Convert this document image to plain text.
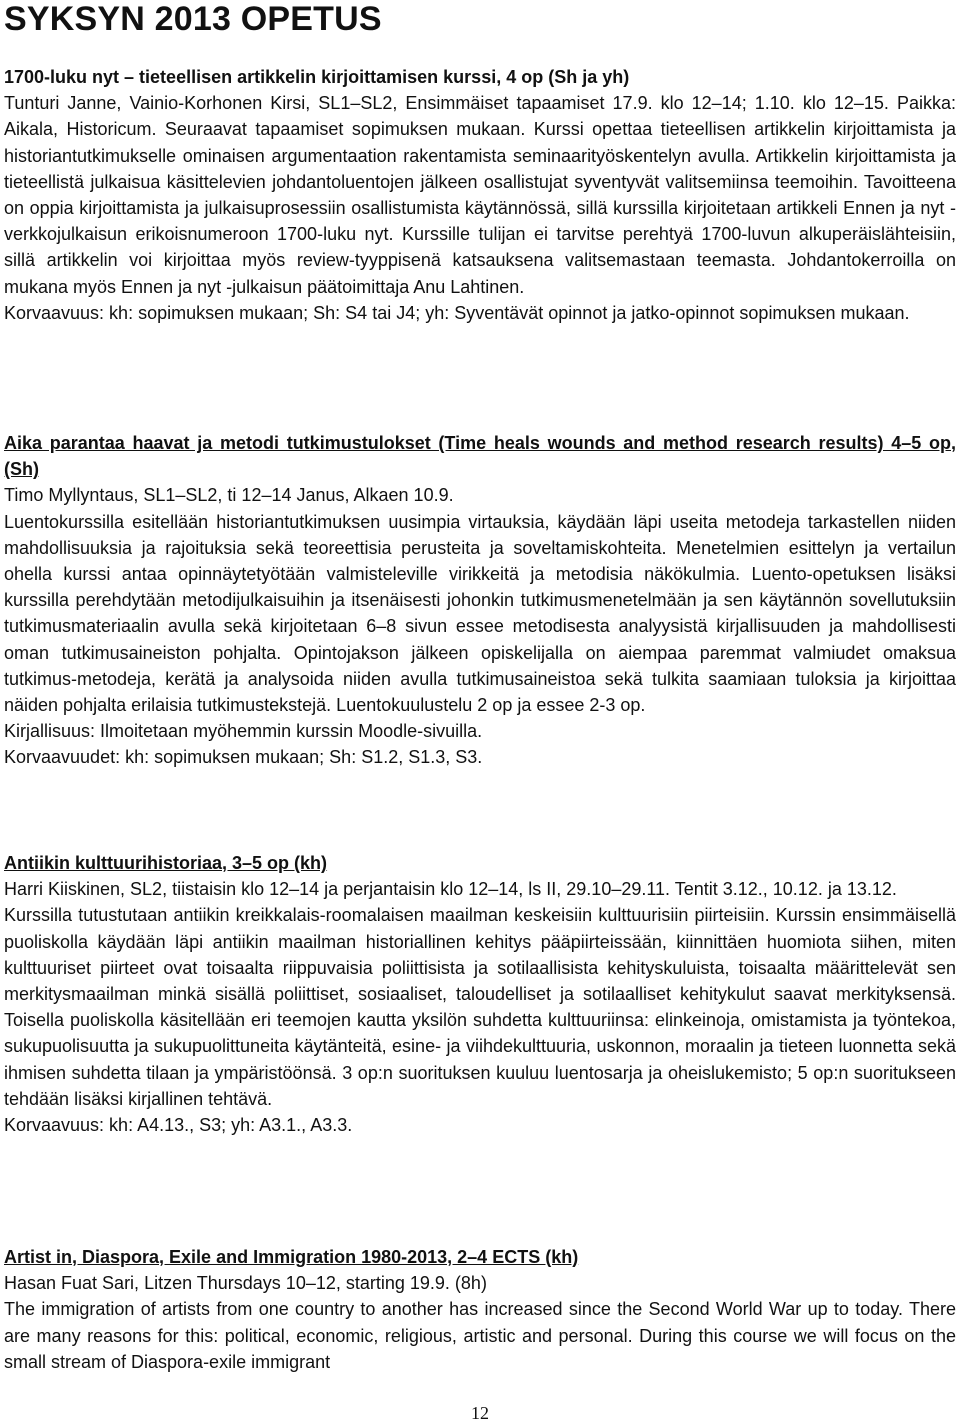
SYKSYN 2013 OPETUS

1700-luku nyt – tieteellisen artikkelin kirjoittamisen kurssi, 4 op (Sh ja yh)

Tunturi Janne, Vainio-Korhonen Kirsi, SL1–SL2, Ensimmäiset tapaamiset 17.9. klo 12–14; 1.10. klo 12–15. Paikka: Aikala, Historicum. Seuraavat tapaamiset sopimuksen mukaan. Kurssi opettaa tieteellisen artikkelin kirjoittamista ja historiantutkimukselle ominaisen argumentaation rakentamista seminaarityöskentelyn avulla. Artikkelin kirjoittamista ja tieteellistä julkaisua käsittelevien johdantoluentojen jälkeen osallistujat syventyvät valitsemiinsa teemoihin. Tavoitteena on oppia kirjoittamista ja julkaisuprosessiin osallistumista käytännössä, sillä kurssilla kirjoitetaan artikkeli Ennen ja nyt -verkkojulkaisun erikoisnumeroon 1700-luku nyt. Kurssille tulijan ei tarvitse perehtyä 1700-luvun alkuperäislähteisiin, sillä artikkelin voi kirjoittaa myös review-tyyppisenä katsauksena valitsemastaan teemasta. Johdantokerroilla on mukana myös Ennen ja nyt -julkaisun päätoimittaja Anu Lahtinen.

Korvaavuus: kh: sopimuksen mukaan; Sh: S4 tai J4; yh: Syventävät opinnot ja jatko-opinnot sopimuksen mukaan.

Aika parantaa haavat ja metodi tutkimustulokset (Time heals wounds and method research results) 4–5 op, (Sh)

Timo Myllyntaus, SL1–SL2, ti 12–14 Janus, Alkaen 10.9.

Luentokurssilla esitellään historiantutkimuksen uusimpia virtauksia, käydään läpi useita metodeja tarkastellen niiden mahdollisuuksia ja rajoituksia sekä teoreettisia perusteita ja soveltamiskohteita. Menetelmien esittelyn ja vertailun ohella kurssi antaa opinnäytetyötään valmisteleville virikkeitä ja metodisia näkökulmia. Luento-opetuksen lisäksi kurssilla perehdytään metodijulkaisuihin ja itsenäisesti johonkin tutkimusmenetelmään ja sen käytännön sovellutuksiin tutkimusmateriaalin avulla sekä kirjoitetaan 6–8 sivun essee metodisesta analyysistä kirjallisuuden ja mahdollisesti oman tutkimusaineiston pohjalta. Opintojakson jälkeen opiskelijalla on aiempaa paremmat valmiudet omaksua tutkimus-metodeja, kerätä ja analysoida niiden avulla tutkimusaineistoa sekä tulkita saamiaan tuloksia ja kirjoittaa näiden pohjalta erilaisia tutkimustekstejä. Luentokuulustelu 2 op ja essee 2-3 op.

Kirjallisuus: Ilmoitetaan myöhemmin kurssin Moodle-sivuilla.

Korvaavuudet: kh: sopimuksen mukaan; Sh: S1.2, S1.3, S3.

Antiikin kulttuurihistoriaa, 3–5 op (kh)

Harri Kiiskinen, SL2, tiistaisin klo 12–14 ja perjantaisin klo 12–14, ls II, 29.10–29.11. Tentit 3.12., 10.12. ja 13.12.

Kurssilla tutustutaan antiikin kreikkalais-roomalaisen maailman keskeisiin kulttuurisiin piirteisiin. Kurssin ensimmäisellä puoliskolla käydään läpi antiikin maailman historiallinen kehitys pääpiirteissään, kiinnittäen huomiota siihen, miten kulttuuriset piirteet ovat toisaalta riippuvaisia poliittisista ja sotilaallisista kehityskuluista, toisaalta määrittelevät sen merkitysmaailman minkä sisällä poliittiset, sosiaaliset, taloudelliset ja sotilaalliset kehitykulut saavat merkityksensä. Toisella puoliskolla käsitellään eri teemojen kautta yksilön suhdetta kulttuuriinsa: elinkeinoja, omistamista ja työntekoa, sukupuolisuutta ja sukupuolittuneita käytänteitä, esine- ja viihdekulttuuria, uskonnon, moraalin ja tieteen luonnetta sekä ihmisen suhdetta tilaan ja ympäristöönsä. 3 op:n suorituksen kuuluu luentosarja ja oheislukemisto; 5 op:n suoritukseen tehdään lisäksi kirjallinen tehtävä.

Korvaavuus: kh: A4.13., S3; yh: A3.1., A3.3.

Artist in, Diaspora, Exile and Immigration 1980-2013, 2–4 ECTS (kh)

Hasan Fuat Sari, Litzen Thursdays 10–12, starting 19.9. (8h)

The immigration of artists from one country to another has increased since the Second World War up to today. There are many reasons for this: political, economic, religious, artistic and personal. During this course we will focus on the small stream of Diaspora-exile immigrant

12
